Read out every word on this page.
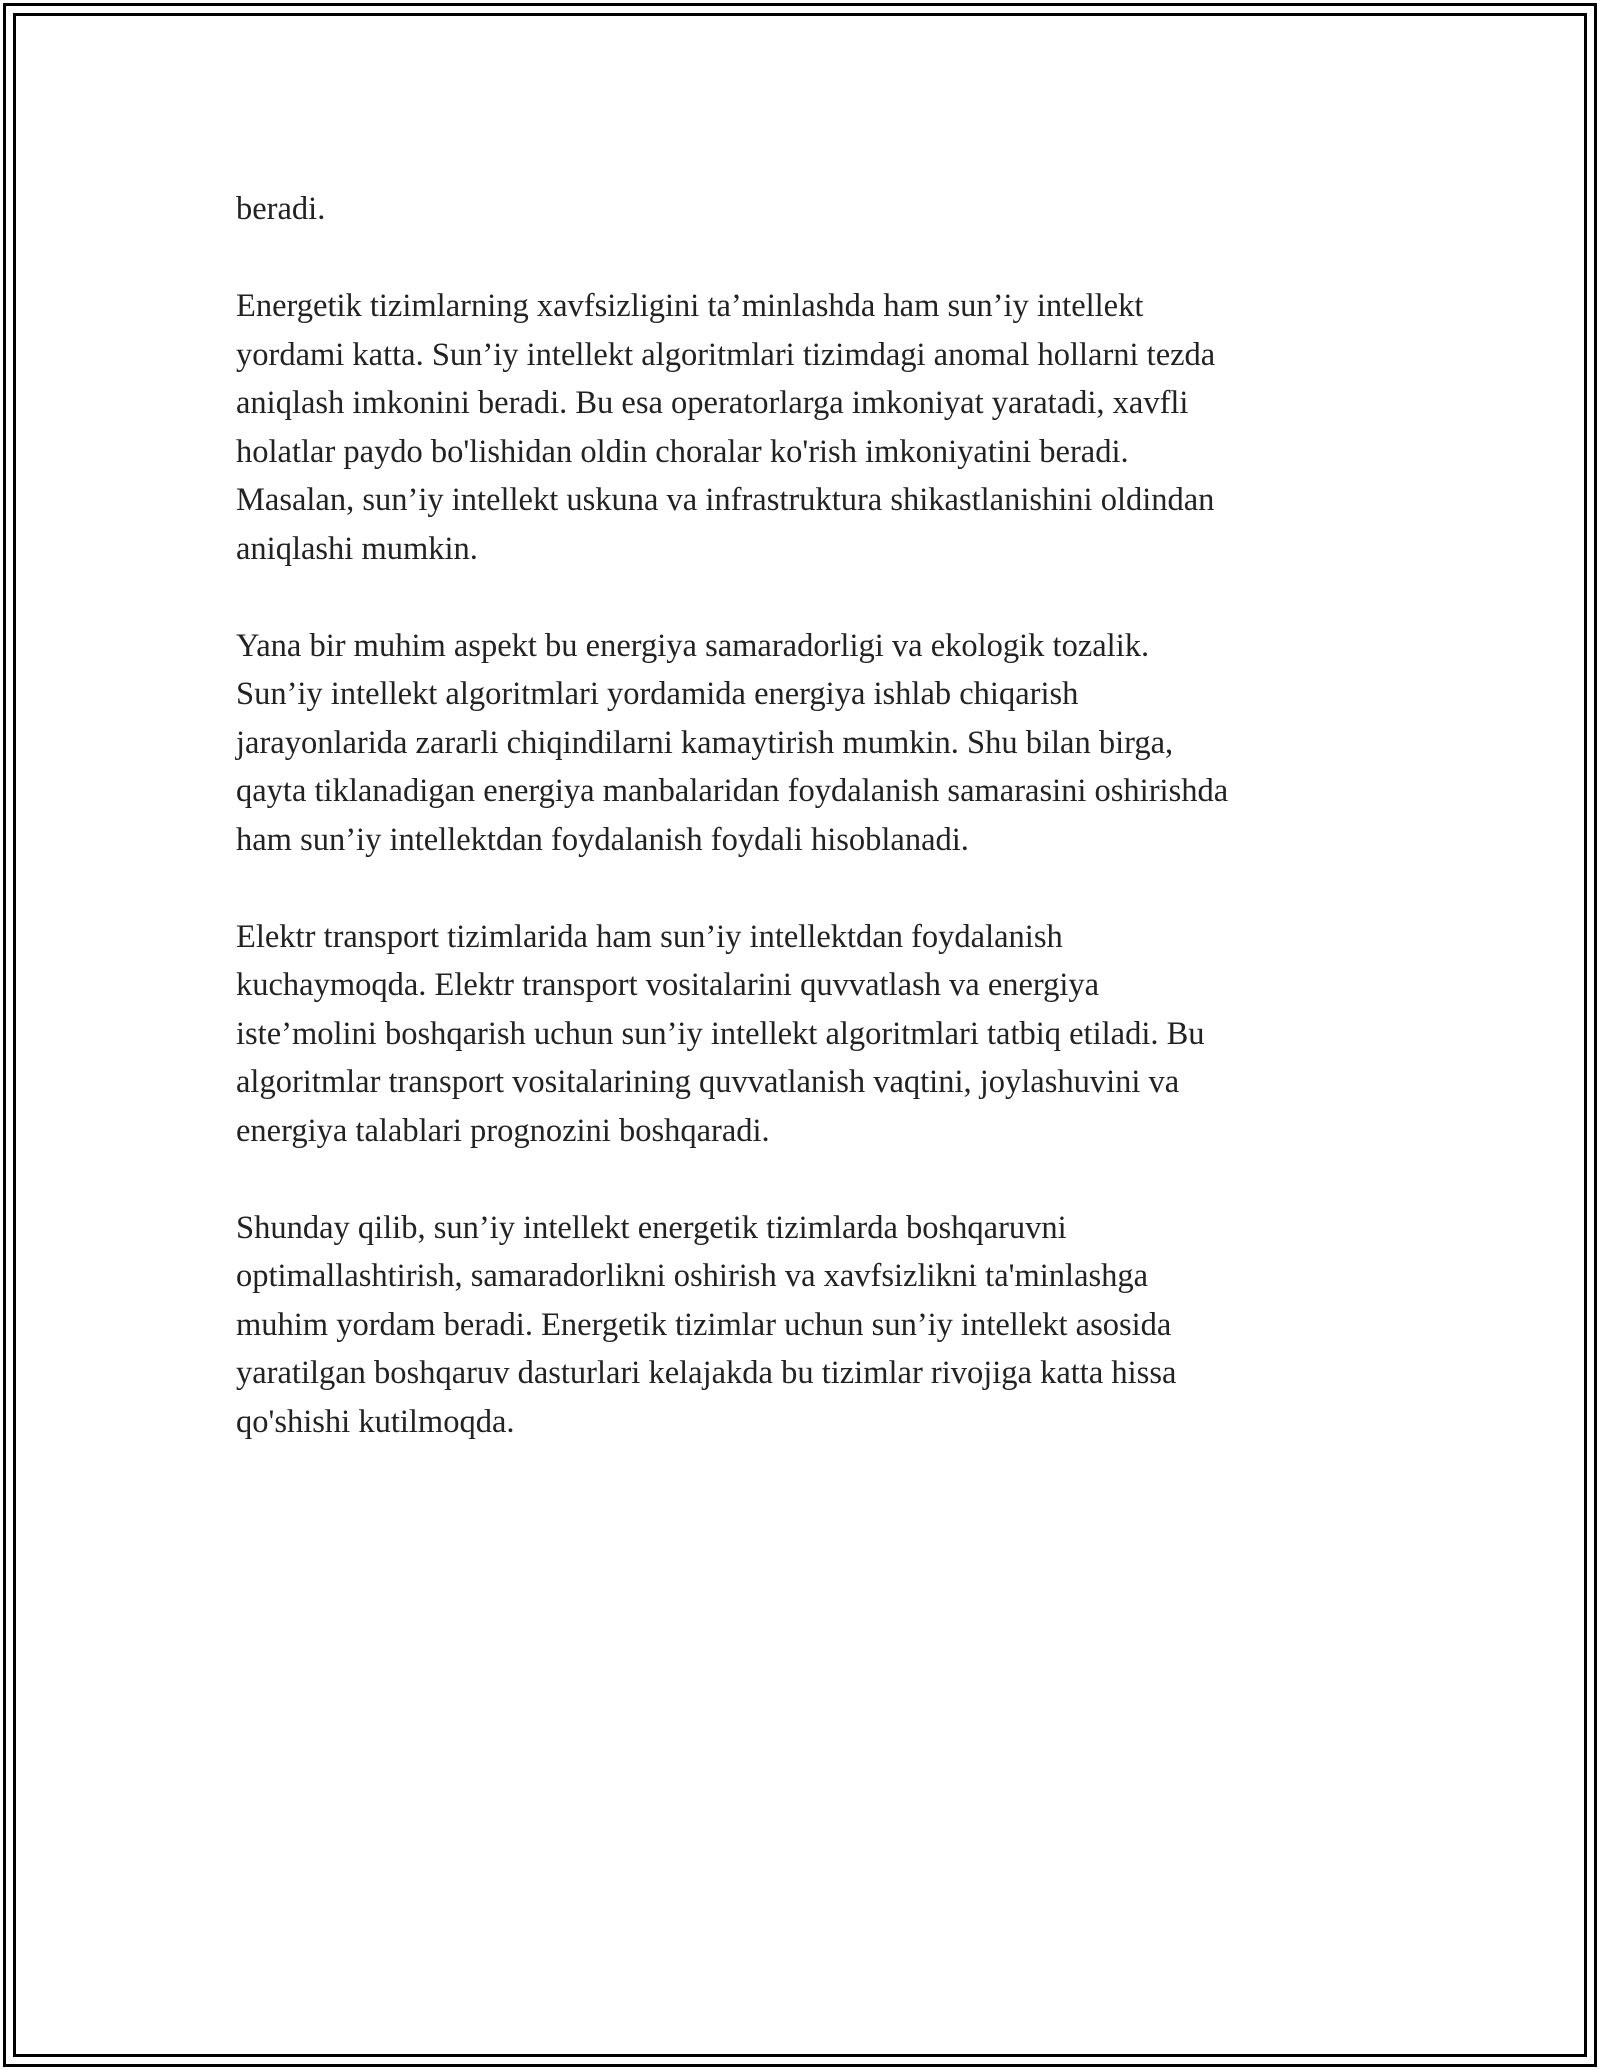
beradi.

Energetik tizimlarning xavfsizligini ta’minlashda ham sun’iy intellekt
yordami katta. Sun’iy intellekt algoritmlari tizimdagi anomal hollarni tezda
aniqlash imkonini beradi. Bu esa operatorlarga imkoniyat yaratadi, xavfli
holatlar paydo bo'lishidan oldin choralar ko'rish imkoniyatini beradi.
Masalan, sun’iy intellekt uskuna va infrastruktura shikastlanishini oldindan
aniqlashi mumkin.

Yana bir muhim aspekt bu energiya samaradorligi va ekologik tozalik.
Sun’iy intellekt algoritmlari yordamida energiya ishlab chiqarish
jarayonlarida zararli chiqindilarni kamaytirish mumkin. Shu bilan birga,
qayta tiklanadigan energiya manbalaridan foydalanish samarasini oshirishda
ham sun’iy intellektdan foydalanish foydali hisoblanadi.

Elektr transport tizimlarida ham sun’iy intellektdan foydalanish
kuchaymoqda. Elektr transport vositalarini quvvatlash va energiya
iste’molini boshqarish uchun sun’iy intellekt algoritmlari tatbiq etiladi. Bu
algoritmlar transport vositalarining quvvatlanish vaqtini, joylashuvini va
energiya talablari prognozini boshqaradi.

Shunday qilib, sun’iy intellekt energetik tizimlarda boshqaruvni
optimallashtirish, samaradorlikni oshirish va xavfsizlikni ta'minlashga
muhim yordam beradi. Energetik tizimlar uchun sun’iy intellekt asosida
yaratilgan boshqaruv dasturlari kelajakda bu tizimlar rivojiga katta hissa
qo'shishi kutilmoqda.
